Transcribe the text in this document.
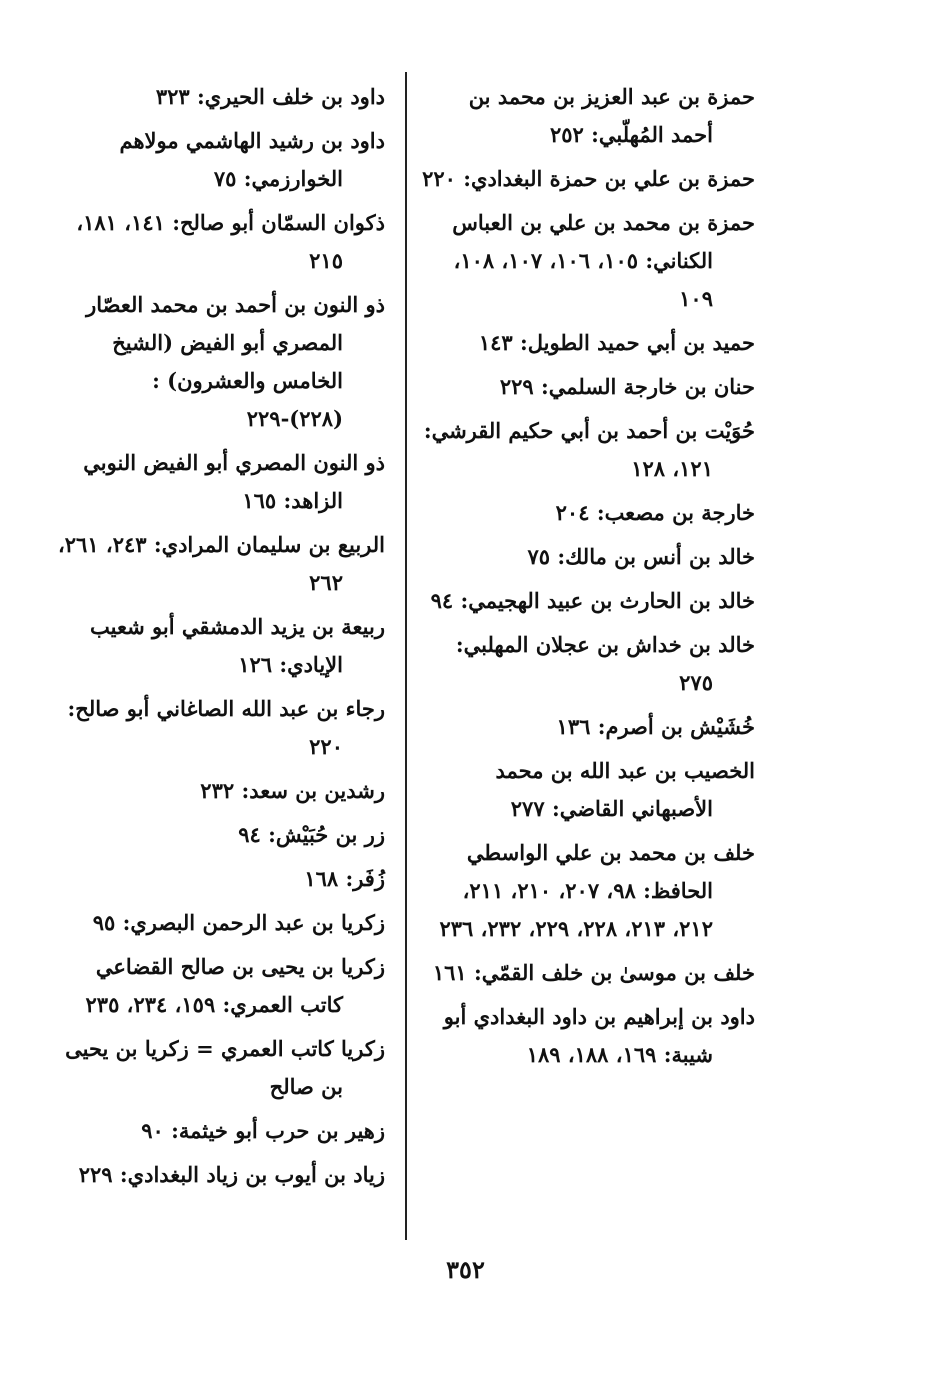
حمزة بن عبد العزيز بن محمد بن أحمد المُهلّبي: ٢٥٢
حمزة بن علي بن حمزة البغدادي: ٢٢٠
حمزة بن محمد بن علي بن العباس الكناني: ١٠٥، ١٠٦، ١٠٧، ١٠٨، ١٠٩
حميد بن أبي حميد الطويل: ١٤٣
حنان بن خارجة السلمي: ٢٢٩
حُوَيْت بن أحمد بن أبي حكيم القرشي: ١٢١، ١٢٨
خارجة بن مصعب: ٢٠٤
خالد بن أنس بن مالك: ٧٥
خالد بن الحارث بن عبيد الهجيمي: ٩٤
خالد بن خداش بن عجلان المهلبي: ٢٧٥
خُشَيْش بن أصرم: ١٣٦
الخصيب بن عبد الله بن محمد الأصبهاني القاضي: ٢٧٧
خلف بن محمد بن علي الواسطي الحافظ: ٩٨، ٢٠٧، ٢١٠، ٢١١، ٢١٢، ٢١٣، ٢٢٨، ٢٢٩، ٢٣٢، ٢٣٦
خلف بن موسىٰ بن خلف القمّي: ١٦١
داود بن إبراهيم بن داود البغدادي أبو شيبة: ١٦٩، ١٨٨، ١٨٩
داود بن خلف الحيري: ٣٢٣
داود بن رشيد الهاشمي مولاهم الخوارزمي: ٧٥
ذكوان السمّان أبو صالح: ١٤١، ١٨١، ٢١٥
ذو النون بن أحمد بن محمد العصّار المصري أبو الفيض (الشيخ الخامس والعشرون) : (٢٢٨)-٢٢٩
ذو النون المصري أبو الفيض النوبي الزاهد: ١٦٥
الربيع بن سليمان المرادي: ٢٤٣، ٢٦١، ٢٦٢
ربيعة بن يزيد الدمشقي أبو شعيب الإيادي: ١٢٦
رجاء بن عبد الله الصاغاني أبو صالح: ٢٢٠
رشدين بن سعد: ٢٣٢
زر بن حُبَيْش: ٩٤
زُفَر: ١٦٨
زكريا بن عبد الرحمن البصري: ٩٥
زكريا بن يحيى بن صالح القضاعي كاتب العمري: ١٥٩، ٢٣٤، ٢٣٥
زكريا كاتب العمري = زكريا بن يحيى بن صالح
زهير بن حرب أبو خيثمة: ٩٠
زياد بن أيوب بن زياد البغدادي: ٢٢٩
٣٥٢
